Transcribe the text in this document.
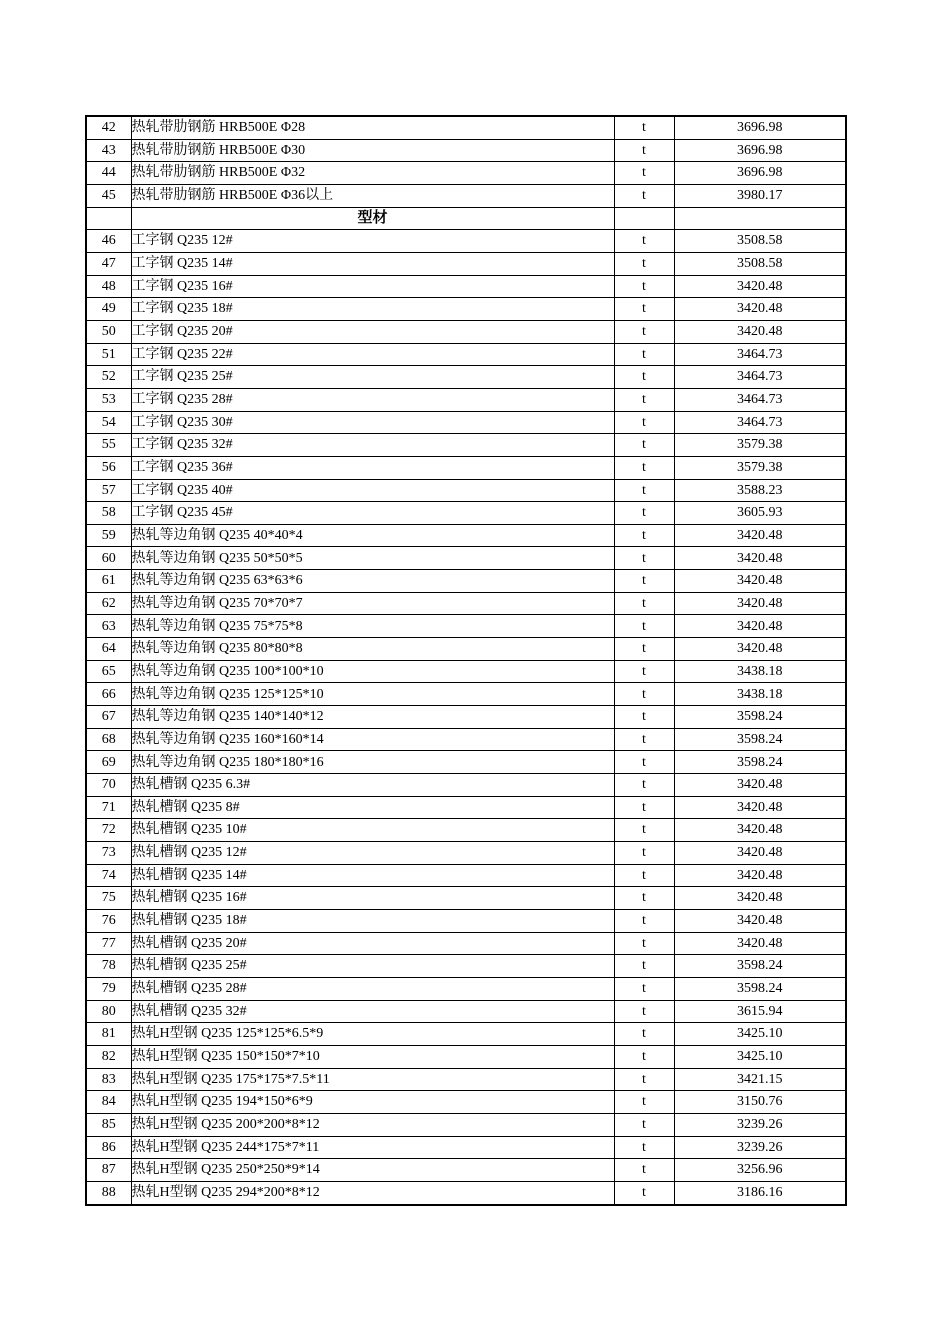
42	热轧带肋钢筋 HRB500E Φ28	t	3696.98
43	热轧带肋钢筋 HRB500E Φ30	t	3696.98
44	热轧带肋钢筋 HRB500E Φ32	t	3696.98
45	热轧带肋钢筋 HRB500E Φ36以上	t	3980.17
	型材		
46	工字钢 Q235 12#	t	3508.58
47	工字钢 Q235 14#	t	3508.58
48	工字钢 Q235 16#	t	3420.48
49	工字钢 Q235 18#	t	3420.48
50	工字钢 Q235 20#	t	3420.48
51	工字钢 Q235 22#	t	3464.73
52	工字钢 Q235 25#	t	3464.73
53	工字钢 Q235 28#	t	3464.73
54	工字钢 Q235 30#	t	3464.73
55	工字钢 Q235 32#	t	3579.38
56	工字钢 Q235 36#	t	3579.38
57	工字钢 Q235 40#	t	3588.23
58	工字钢 Q235 45#	t	3605.93
59	热轧等边角钢 Q235 40*40*4	t	3420.48
60	热轧等边角钢 Q235 50*50*5	t	3420.48
61	热轧等边角钢 Q235 63*63*6	t	3420.48
62	热轧等边角钢 Q235 70*70*7	t	3420.48
63	热轧等边角钢 Q235 75*75*8	t	3420.48
64	热轧等边角钢 Q235 80*80*8	t	3420.48
65	热轧等边角钢 Q235 100*100*10	t	3438.18
66	热轧等边角钢 Q235 125*125*10	t	3438.18
67	热轧等边角钢 Q235 140*140*12	t	3598.24
68	热轧等边角钢 Q235 160*160*14	t	3598.24
69	热轧等边角钢 Q235 180*180*16	t	3598.24
70	热轧槽钢 Q235 6.3#	t	3420.48
71	热轧槽钢 Q235 8#	t	3420.48
72	热轧槽钢 Q235 10#	t	3420.48
73	热轧槽钢 Q235 12#	t	3420.48
74	热轧槽钢 Q235 14#	t	3420.48
75	热轧槽钢 Q235 16#	t	3420.48
76	热轧槽钢 Q235 18#	t	3420.48
77	热轧槽钢 Q235 20#	t	3420.48
78	热轧槽钢 Q235 25#	t	3598.24
79	热轧槽钢 Q235 28#	t	3598.24
80	热轧槽钢 Q235 32#	t	3615.94
81	热轧H型钢 Q235 125*125*6.5*9	t	3425.10
82	热轧H型钢 Q235 150*150*7*10	t	3425.10
83	热轧H型钢 Q235 175*175*7.5*11	t	3421.15
84	热轧H型钢 Q235 194*150*6*9	t	3150.76
85	热轧H型钢 Q235 200*200*8*12	t	3239.26
86	热轧H型钢 Q235 244*175*7*11	t	3239.26
87	热轧H型钢 Q235 250*250*9*14	t	3256.96
88	热轧H型钢 Q235 294*200*8*12	t	3186.16
